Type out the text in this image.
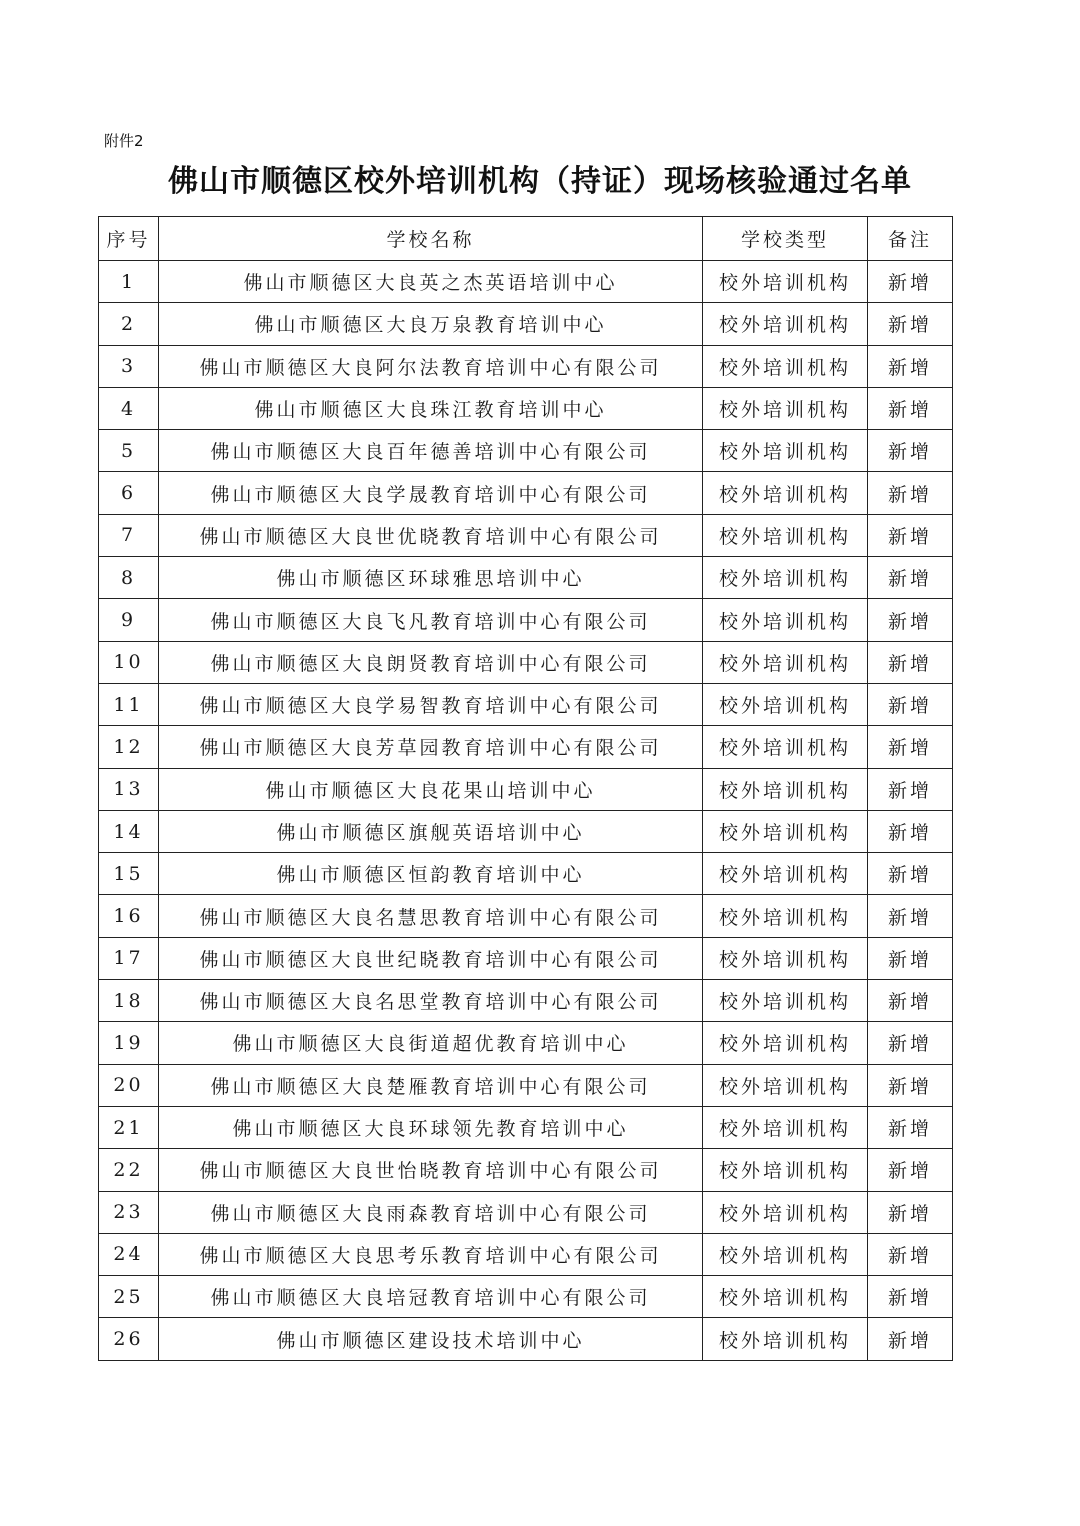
附件2
佛山市顺德区校外培训机构（持证）现场核验通过名单
序号	学校名称	学校类型	备注
1	佛山市顺德区大良英之杰英语培训中心	校外培训机构	新增
2	佛山市顺德区大良万泉教育培训中心	校外培训机构	新增
3	佛山市顺德区大良阿尔法教育培训中心有限公司	校外培训机构	新增
4	佛山市顺德区大良珠江教育培训中心	校外培训机构	新增
5	佛山市顺德区大良百年德善培训中心有限公司	校外培训机构	新增
6	佛山市顺德区大良学晟教育培训中心有限公司	校外培训机构	新增
7	佛山市顺德区大良世优晓教育培训中心有限公司	校外培训机构	新增
8	佛山市顺德区环球雅思培训中心	校外培训机构	新增
9	佛山市顺德区大良飞凡教育培训中心有限公司	校外培训机构	新增
10	佛山市顺德区大良朗贤教育培训中心有限公司	校外培训机构	新增
11	佛山市顺德区大良学易智教育培训中心有限公司	校外培训机构	新增
12	佛山市顺德区大良芳草园教育培训中心有限公司	校外培训机构	新增
13	佛山市顺德区大良花果山培训中心	校外培训机构	新增
14	佛山市顺德区旗舰英语培训中心	校外培训机构	新增
15	佛山市顺德区恒韵教育培训中心	校外培训机构	新增
16	佛山市顺德区大良名慧思教育培训中心有限公司	校外培训机构	新增
17	佛山市顺德区大良世纪晓教育培训中心有限公司	校外培训机构	新增
18	佛山市顺德区大良名思堂教育培训中心有限公司	校外培训机构	新增
19	佛山市顺德区大良街道超优教育培训中心	校外培训机构	新增
20	佛山市顺德区大良楚雁教育培训中心有限公司	校外培训机构	新增
21	佛山市顺德区大良环球领先教育培训中心	校外培训机构	新增
22	佛山市顺德区大良世怡晓教育培训中心有限公司	校外培训机构	新增
23	佛山市顺德区大良雨森教育培训中心有限公司	校外培训机构	新增
24	佛山市顺德区大良思考乐教育培训中心有限公司	校外培训机构	新增
25	佛山市顺德区大良培冠教育培训中心有限公司	校外培训机构	新增
26	佛山市顺德区建设技术培训中心	校外培训机构	新增
